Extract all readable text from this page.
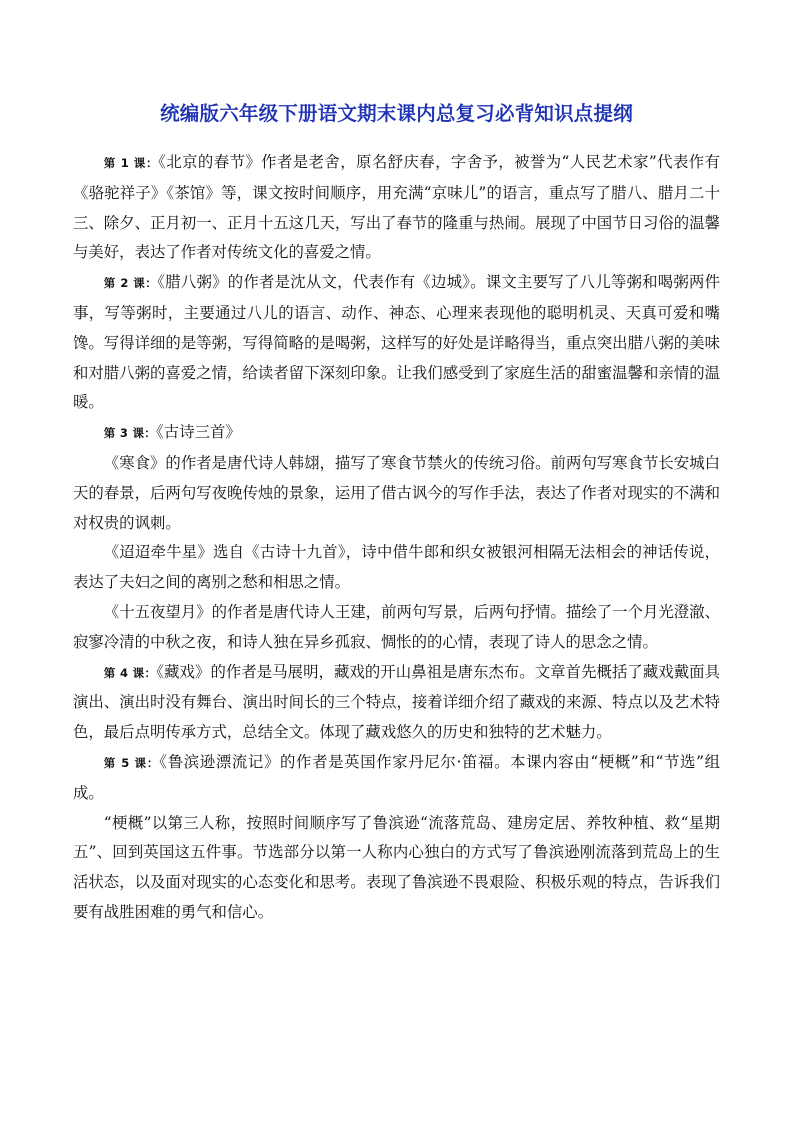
统编版六年级下册语文期末课内总复习必背知识点提纲

第 1 课：《北京的春节》作者是老舍，原名舒庆春，字舍予，被誉为“人民艺术家”代表作有《骆驼祥子》《茶馆》等，课文按时间顺序，用充满“京味儿”的语言，重点写了腊八、腊月二十三、除夕、正月初一、正月十五这几天，写出了春节的隆重与热闹。展现了中国节日习俗的温馨与美好，表达了作者对传统文化的喜爱之情。

第 2 课：《腊八粥》的作者是沈从文，代表作有《边城》。课文主要写了八儿等粥和喝粥两件事，写等粥时，主要通过八儿的语言、动作、神态、心理来表现他的聪明机灵、天真可爱和嘴馋。写得详细的是等粥，写得简略的是喝粥，这样写的好处是详略得当，重点突出腊八粥的美味和对腊八粥的喜爱之情，给读者留下深刻印象。让我们感受到了家庭生活的甜蜜温馨和亲情的温暖。

第 3 课：《古诗三首》

《寒食》的作者是唐代诗人韩翃，描写了寒食节禁火的传统习俗。前两句写寒食节长安城白天的春景，后两句写夜晚传烛的景象，运用了借古讽今的写作手法，表达了作者对现实的不满和对权贵的讽刺。

《迢迢牵牛星》选自《古诗十九首》，诗中借牛郎和织女被银河相隔无法相会的神话传说，表达了夫妇之间的离别之愁和相思之情。

《十五夜望月》的作者是唐代诗人王建，前两句写景，后两句抒情。描绘了一个月光澄澈、寂寥冷清的中秋之夜，和诗人独在异乡孤寂、惆怅的的心情，表现了诗人的思念之情。

第 4 课：《藏戏》的作者是马展明，藏戏的开山鼻祖是唐东杰布。文章首先概括了藏戏戴面具演出、演出时没有舞台、演出时间长的三个特点，接着详细介绍了藏戏的来源、特点以及艺术特色，最后点明传承方式，总结全文。体现了藏戏悠久的历史和独特的艺术魅力。

第 5 课：《鲁滨逊漂流记》的作者是英国作家丹尼尔·笛福。本课内容由“梗概”和“节选”组成。

“梗概”以第三人称，按照时间顺序写了鲁滨逊“流落荒岛、建房定居、养牧种植、救“星期五”、回到英国这五件事。节选部分以第一人称内心独白的方式写了鲁滨逊刚流落到荒岛上的生活状态，以及面对现实的心态变化和思考。表现了鲁滨逊不畏艰险、积极乐观的特点，告诉我们要有战胜困难的勇气和信心。
